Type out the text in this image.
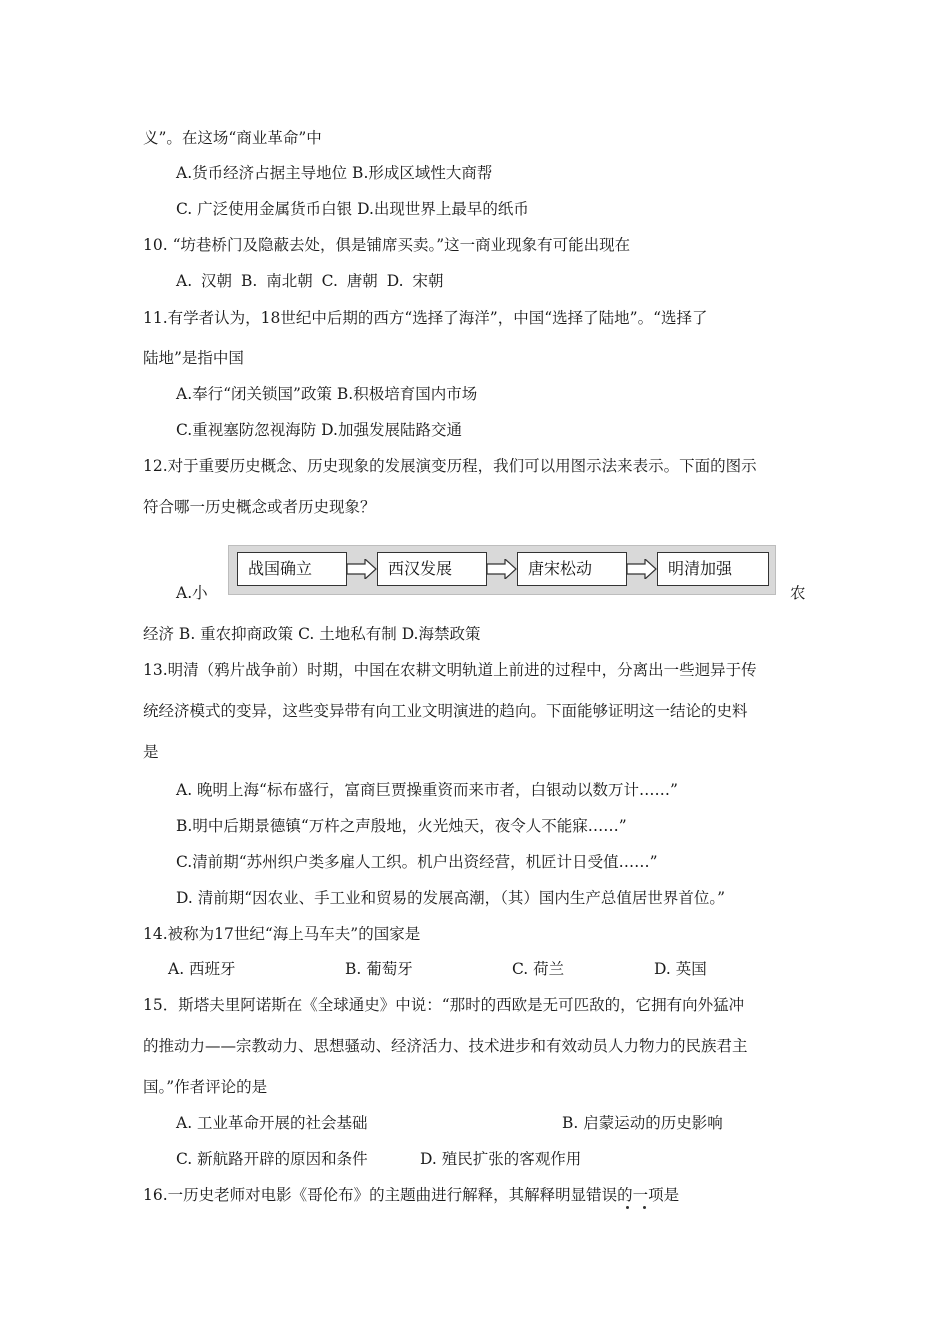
义”。在这场“商业革命”中
A.货币经济占据主导地位 B.形成区域性大商帮
C. 广泛使用金属货币白银 D.出现世界上最早的纸币
10. “坊巷桥门及隐蔽去处，俱是铺席买卖。”这一商业现象有可能出现在
A. 汉朝 B. 南北朝 C. 唐朝 D. 宋朝
11.有学者认为，18世纪中后期的西方“选择了海洋”，中国“选择了陆地”。“选择了
陆地”是指中国
A.奉行“闭关锁国”政策 B.积极培育国内市场
C.重视塞防忽视海防 D.加强发展陆路交通
12.对于重要历史概念、历史现象的发展演变历程，我们可以用图示法来表示。下面的图示
符合哪一历史概念或者历史现象？
战国确立	西汉发展	唐宋松动	明清加强
A.小	农
经济 B. 重农抑商政策 C. 土地私有制 D.海禁政策
13.明清（鸦片战争前）时期，中国在农耕文明轨道上前进的过程中，分离出一些迥异于传
统经济模式的变异，这些变异带有向工业文明演进的趋向。下面能够证明这一结论的史料
是
A. 晚明上海“标布盛行，富商巨贾操重资而来市者，白银动以数万计……”
B.明中后期景德镇“万杵之声殷地，火光烛天，夜令人不能寐……”
C.清前期“苏州织户类多雇人工织。机户出资经营，机匠计日受值……”
D. 清前期“因农业、手工业和贸易的发展高潮，（其）国内生产总值居世界首位。”
14.被称为17世纪“海上马车夫”的国家是
A. 西班牙	B. 葡萄牙	C. 荷兰	D. 英国
15．斯塔夫里阿诺斯在《全球通史》中说：“那时的西欧是无可匹敌的，它拥有向外猛冲
的推动力——宗教动力、思想骚动、经济活力、技术进步和有效动员人力物力的民族君主
国。”作者评论的是
A. 工业革命开展的社会基础	B. 启蒙运动的历史影响
C. 新航路开辟的原因和条件	D. 殖民扩张的客观作用
16.一历史老师对电影《哥伦布》的主题曲进行解释，其解释明显错误的一项是
